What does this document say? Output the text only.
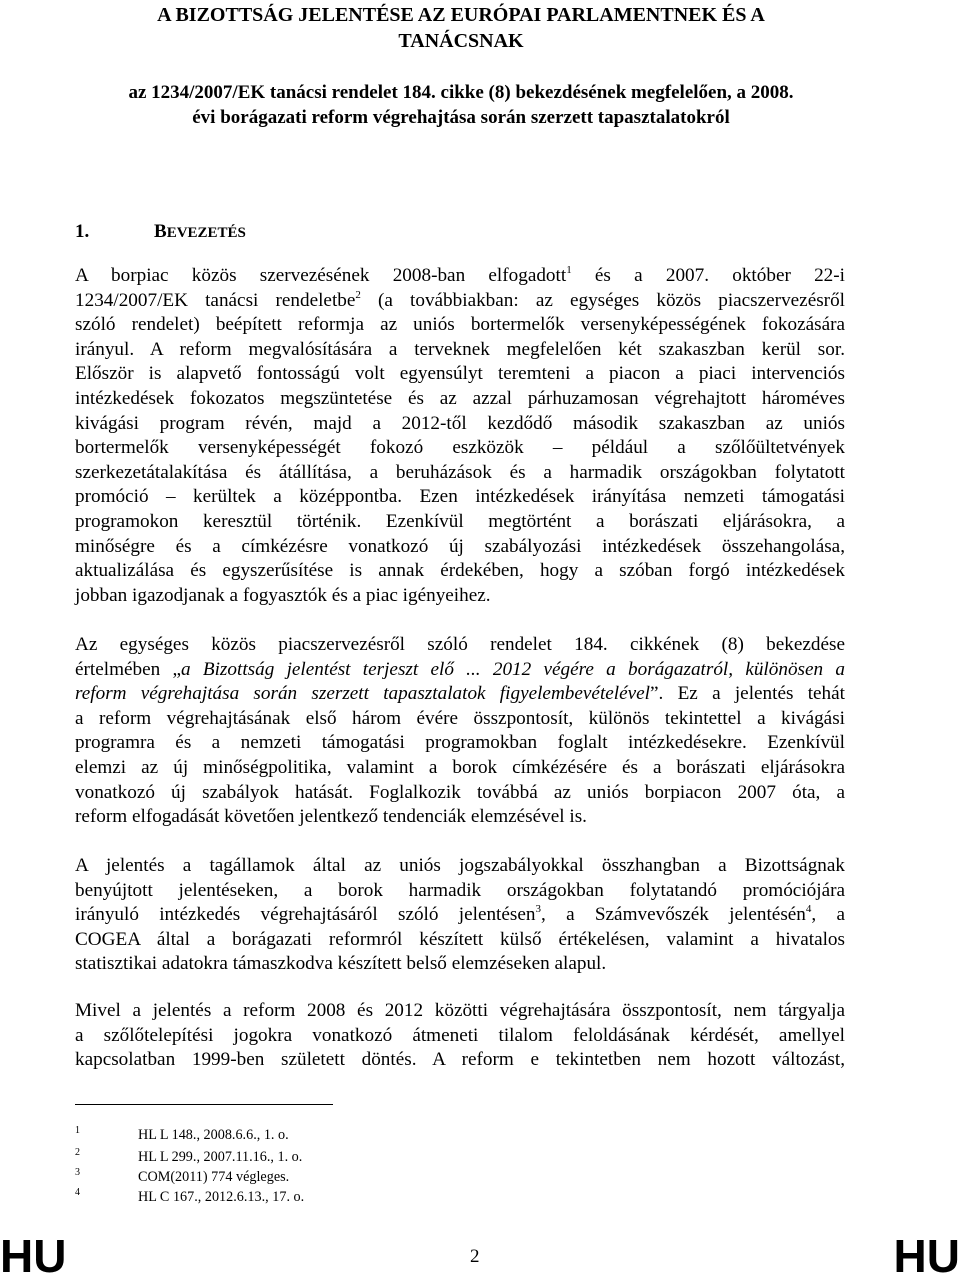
A BIZOTTSÁG JELENTÉSE AZ EURÓPAI PARLAMENTNEK ÉS A
TANÁCSNAK
az 1234/2007/EK tanácsi rendelet 184. cikke (8) bekezdésének megfelelően, a 2008.
évi borágazati reform végrehajtása során szerzett tapasztalatokról
1.	BEVEZETÉS
A borpiac közös szervezésének 2008-ban elfogadott$^1$ és a 2007. október 22-i
1234/2007/EK tanácsi rendeletbe$^2$ (a továbbiakban: az egységes közös piacszervezésről
szóló rendelet) beépített reformja az uniós bortermelők versenyképességének fokozására
irányul. A reform megvalósítására a terveknek megfelelően két szakaszban kerül sor.
Először is alapvető fontosságú volt egyensúlyt teremteni a piacon a piaci intervenciós
intézkedések fokozatos megszüntetése és az azzal párhuzamosan végrehajtott hároméves
kivágási program révén, majd a 2012-től kezdődő második szakaszban az uniós
bortermelők versenyképességét fokozó eszközök – például a szőlőültetvények
szerkezetátalakítása és átállítása, a beruházások és a harmadik országokban folytatott
promóció – kerültek a középpontba. Ezen intézkedések irányítása nemzeti támogatási
programokon keresztül történik. Ezenkívül megtörtént a borászati eljárásokra, a
minőségre és a címkézésre vonatkozó új szabályozási intézkedések összehangolása,
aktualizálása és egyszerűsítése is annak érdekében, hogy a szóban forgó intézkedések
jobban igazodjanak a fogyasztók és a piac igényeihez.
Az egységes közös piacszervezésről szóló rendelet 184. cikkének (8) bekezdése
értelmében „a Bizottság jelentést terjeszt elő ... 2012 végére a borágazatról, különösen a
reform végrehajtása során szerzett tapasztalatok figyelembevételével”. Ez a jelentés tehát
a reform végrehajtásának első három évére összpontosít, különös tekintettel a kivágási
programra és a nemzeti támogatási programokban foglalt intézkedésekre. Ezenkívül
elemzi az új minőségpolitika, valamint a borok címkézésére és a borászati eljárásokra
vonatkozó új szabályok hatását. Foglalkozik továbbá az uniós borpiacon 2007 óta, a
reform elfogadását követően jelentkező tendenciák elemzésével is.
A jelentés a tagállamok által az uniós jogszabályokkal összhangban a Bizottságnak
benyújtott jelentéseken, a borok harmadik országokban folytatandó promóciójára
irányuló intézkedés végrehajtásáról szóló jelentésen$^3$, a Számvevőszék jelentésén$^4$, a
COGEA által a borágazati reformról készített külső értékelésen, valamint a hivatalos
statisztikai adatokra támaszkodva készített belső elemzéseken alapul.
Mivel a jelentés a reform 2008 és 2012 közötti végrehajtására összpontosít, nem tárgyalja
a szőlőtelepítési jogokra vonatkozó átmeneti tilalom feloldásának kérdését, amellyel
kapcsolatban 1999-ben született döntés. A reform e tekintetben nem hozott változást,
1	HL L 148., 2008.6.6., 1. o.
2	HL L 299., 2007.11.16., 1. o.
3	COM(2011) 774 végleges.
4	HL C 167., 2012.6.13., 17. o.
HU	2	HU
